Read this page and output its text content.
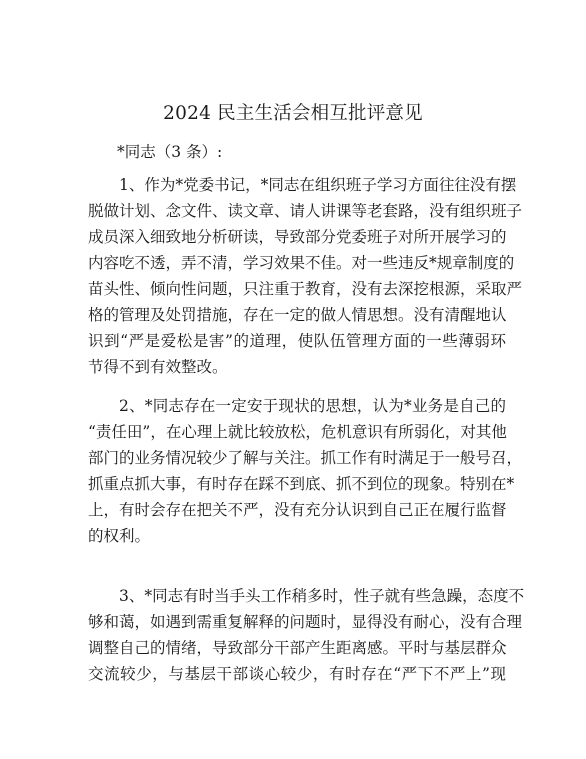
2024 民主生活会相互批评意见
*同志（3 条）:
1、作为*党委书记，*同志在组织班子学习方面往往没有摆
脱做计划、念文件、读文章、请人讲课等老套路，没有组织班子
成员深入细致地分析研读，导致部分党委班子对所开展学习的
内容吃不透，弄不清，学习效果不佳。对一些违反*规章制度的
苗头性、倾向性问题，只注重于教育，没有去深挖根源，采取严
格的管理及处罚措施，存在一定的做人情思想。没有清醒地认
识到“严是爱松是害”的道理，使队伍管理方面的一些薄弱环
节得不到有效整改。
2、*同志存在一定安于现状的思想，认为*业务是自己的
“责任田”，在心理上就比较放松，危机意识有所弱化，对其他
部门的业务情况较少了解与关注。抓工作有时满足于一般号召，
抓重点抓大事，有时存在踩不到底、抓不到位的现象。特别在*
上，有时会存在把关不严，没有充分认识到自己正在履行监督
的权利。
3、*同志有时当手头工作稍多时，性子就有些急躁，态度不
够和蔼，如遇到需重复解释的问题时，显得没有耐心，没有合理
调整自己的情绪，导致部分干部产生距离感。平时与基层群众
交流较少，与基层干部谈心较少，有时存在“严下不严上”现
